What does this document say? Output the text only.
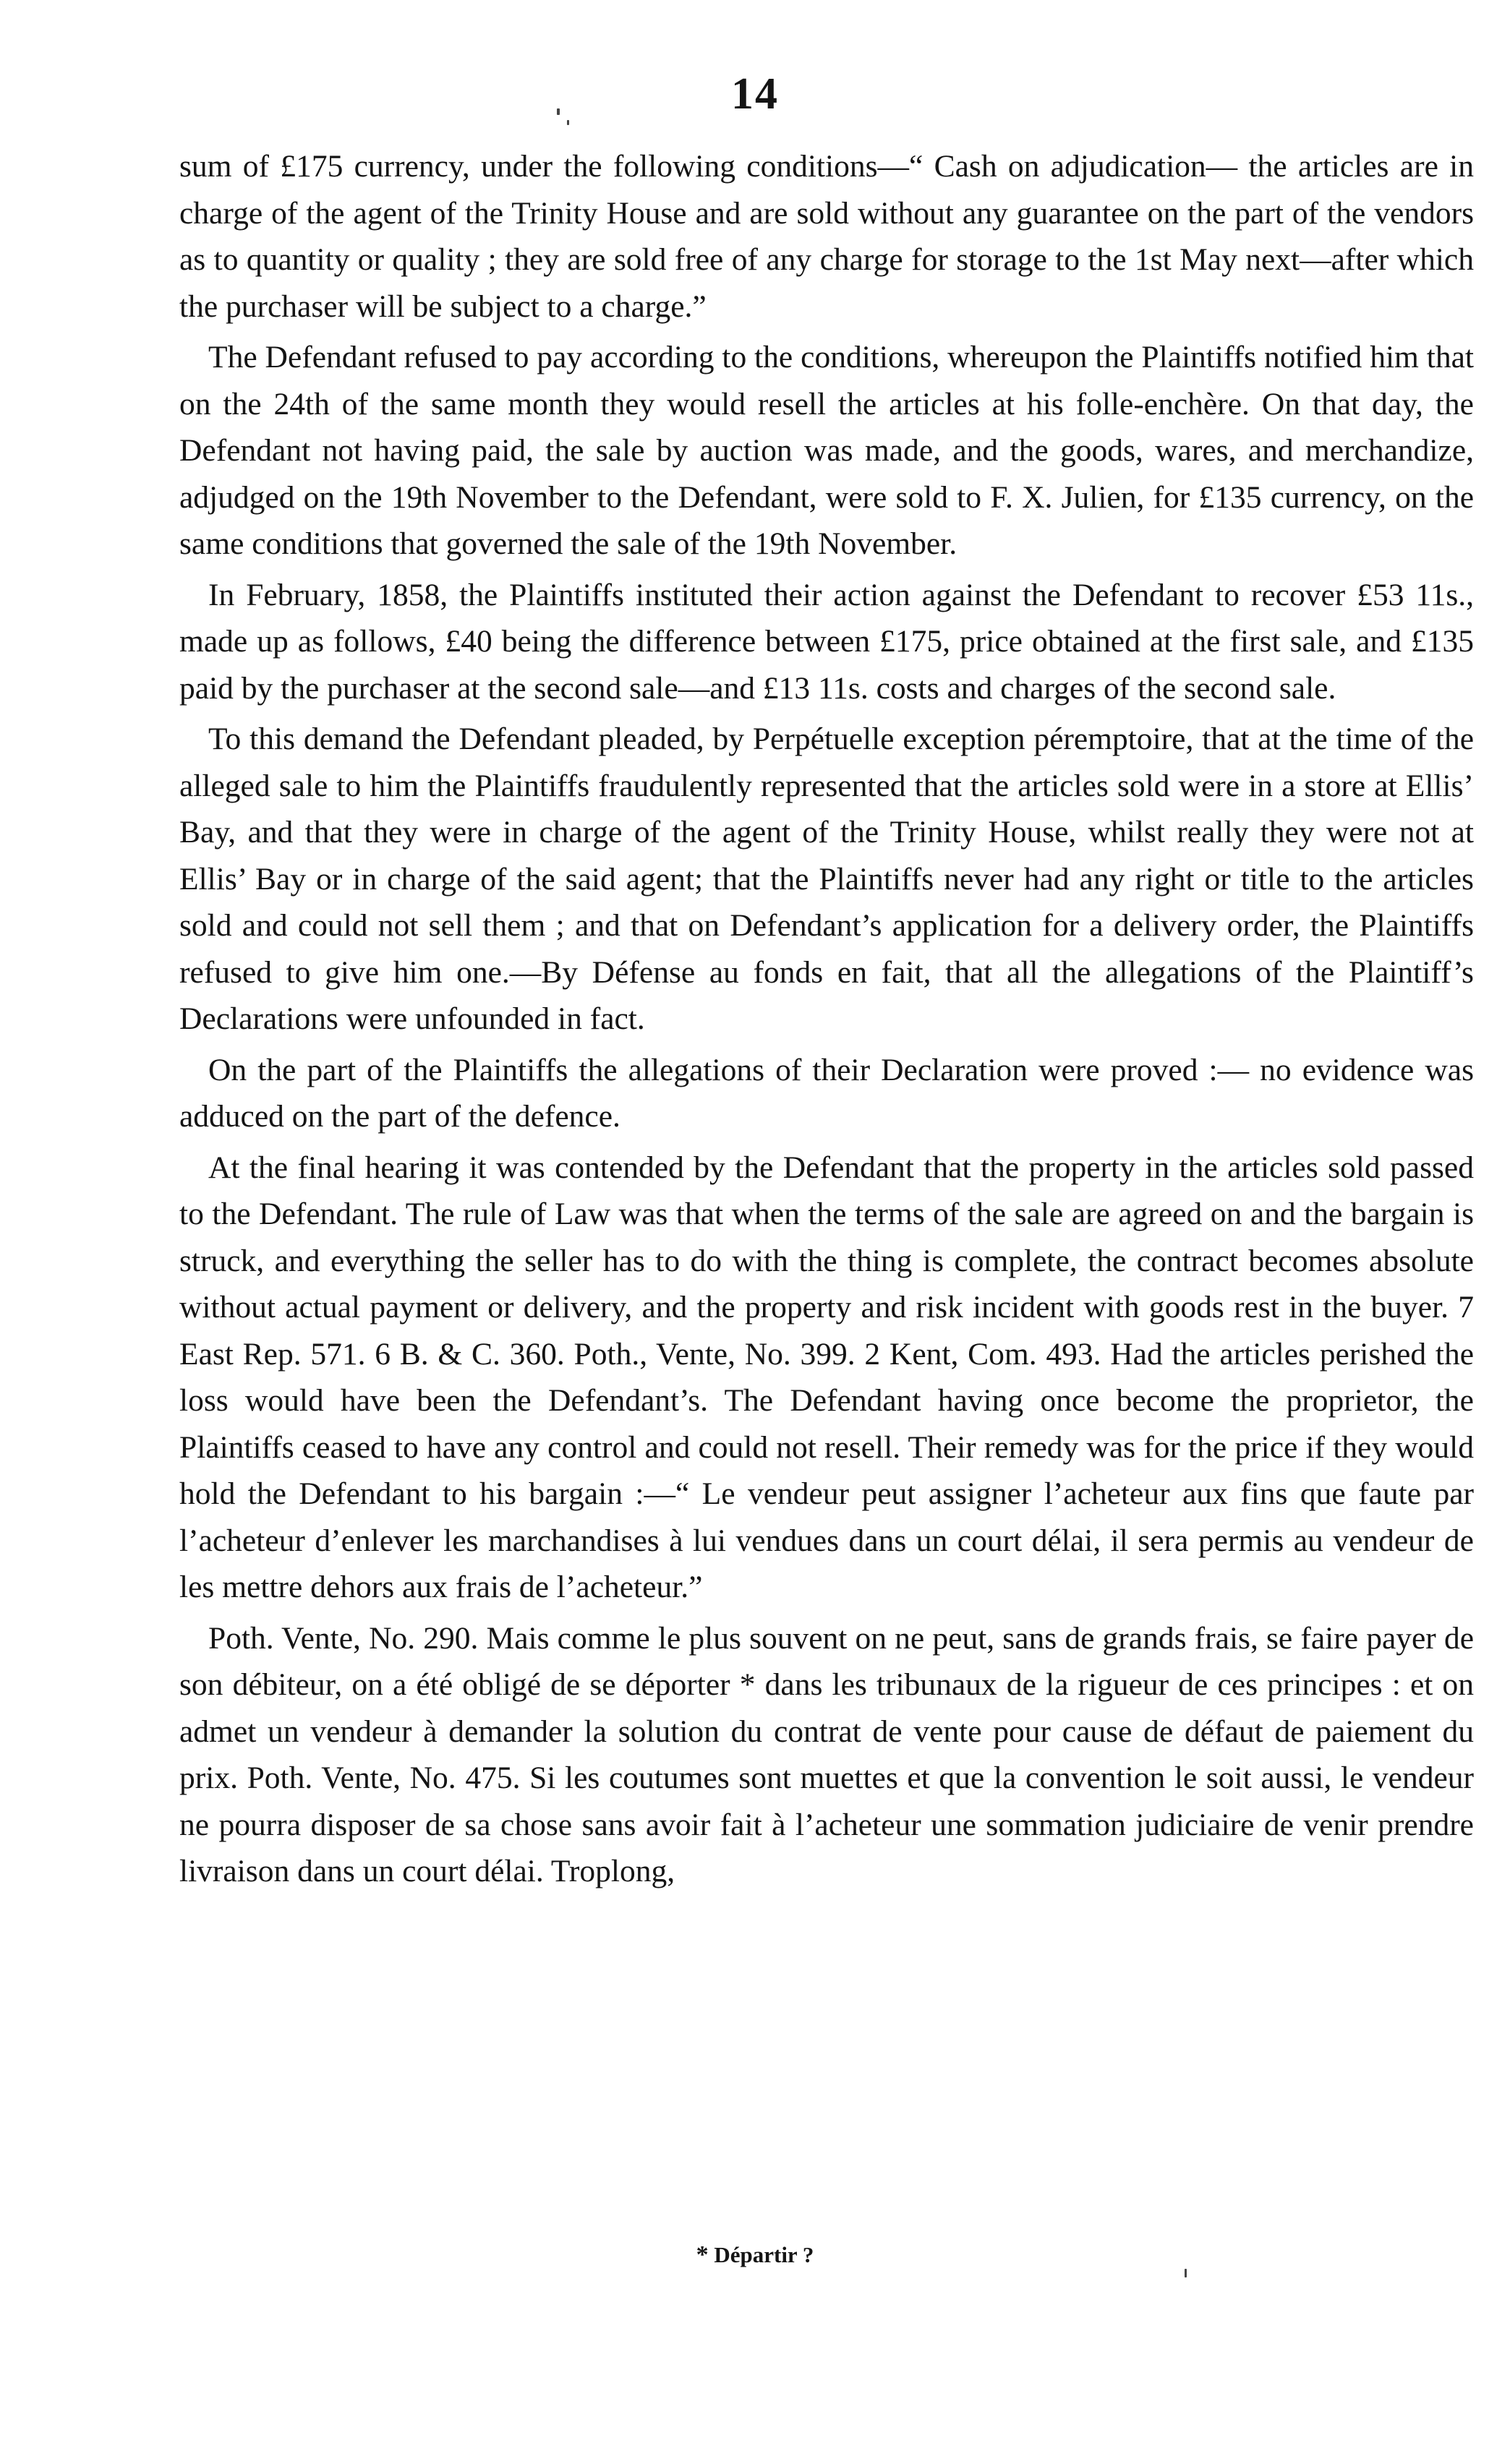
14

sum of £175 currency, under the following conditions—“ Cash on adjudication— the articles are in charge of the agent of the Trinity House and are sold without any guarantee on the part of the vendors as to quantity or quality ; they are sold free of any charge for storage to the 1st May next—after which the purchaser will be subject to a charge.”

The Defendant refused to pay according to the conditions, whereupon the Plaintiffs notified him that on the 24th of the same month they would resell the articles at his folle-enchère. On that day, the Defendant not having paid, the sale by auction was made, and the goods, wares, and merchandize, adjudged on the 19th November to the Defendant, were sold to F. X. Julien, for £135 currency, on the same conditions that governed the sale of the 19th November.

In February, 1858, the Plaintiffs instituted their action against the Defendant to recover £53 11s., made up as follows, £40 being the difference between £175, price obtained at the first sale, and £135 paid by the purchaser at the second sale—and £13 11s. costs and charges of the second sale.

To this demand the Defendant pleaded, by Perpétuelle exception péremptoire, that at the time of the alleged sale to him the Plaintiffs fraudulently represented that the articles sold were in a store at Ellis’ Bay, and that they were in charge of the agent of the Trinity House, whilst really they were not at Ellis’ Bay or in charge of the said agent; that the Plaintiffs never had any right or title to the articles sold and could not sell them ; and that on Defendant’s application for a delivery order, the Plaintiffs refused to give him one.—By Défense au fonds en fait, that all the allegations of the Plaintiff’s Declarations were unfounded in fact.

On the part of the Plaintiffs the allegations of their Declaration were proved :— no evidence was adduced on the part of the defence.

At the final hearing it was contended by the Defendant that the property in the articles sold passed to the Defendant. The rule of Law was that when the terms of the sale are agreed on and the bargain is struck, and everything the seller has to do with the thing is complete, the contract becomes absolute without actual payment or delivery, and the property and risk incident with goods rest in the buyer. 7 East Rep. 571. 6 B. & C. 360. Poth., Vente, No. 399. 2 Kent, Com. 493. Had the articles perished the loss would have been the Defendant’s. The Defendant having once become the proprietor, the Plaintiffs ceased to have any control and could not resell. Their remedy was for the price if they would hold the Defendant to his bargain :—“ Le vendeur peut assigner l’acheteur aux fins que faute par l’acheteur d’enlever les marchandises à lui vendues dans un court délai, il sera permis au vendeur de les mettre dehors aux frais de l’acheteur.”

Poth. Vente, No. 290. Mais comme le plus souvent on ne peut, sans de grands frais, se faire payer de son débiteur, on a été obligé de se déporter * dans les tribunaux de la rigueur de ces principes : et on admet un vendeur à demander la solution du contrat de vente pour cause de défaut de paiement du prix. Poth. Vente, No. 475. Si les coutumes sont muettes et que la convention le soit aussi, le vendeur ne pourra disposer de sa chose sans avoir fait à l’acheteur une sommation judiciaire de venir prendre livraison dans un court délai. Troplong,

* Départir ?
